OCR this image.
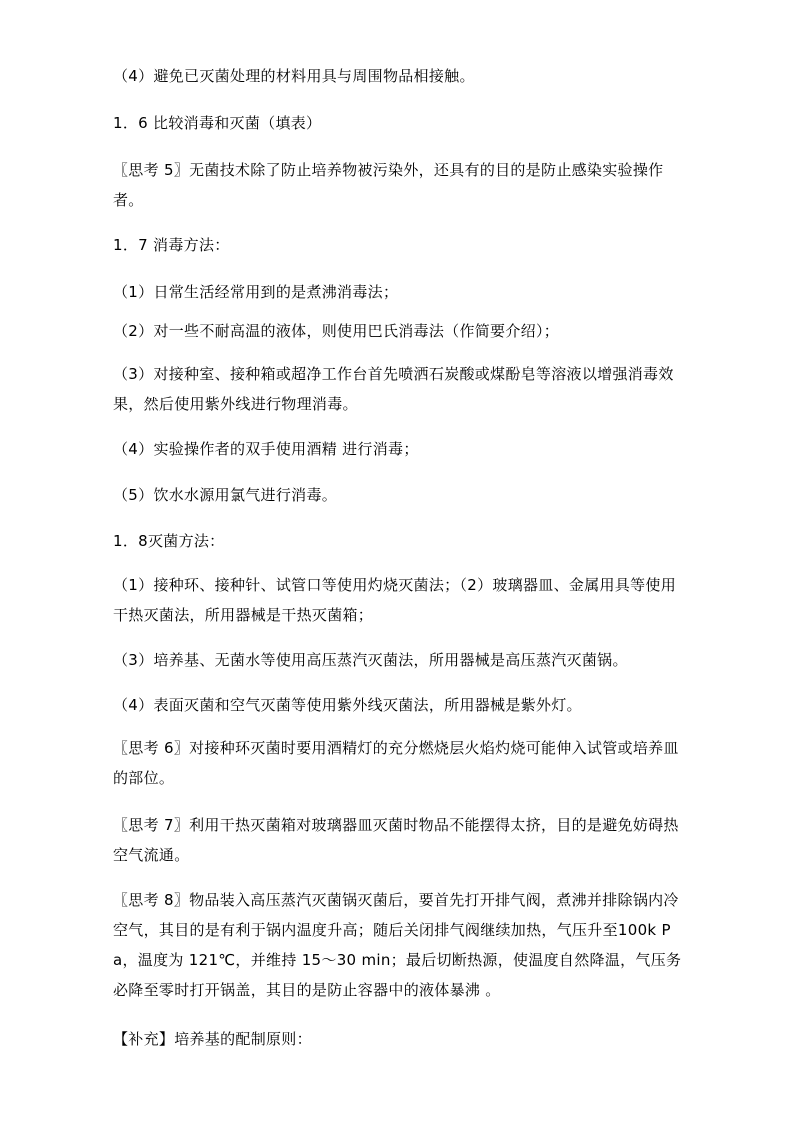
（4）避免已灭菌处理的材料用具与周围物品相接触。
1．6 比较消毒和灭菌（填表）
〖思考 5〗无菌技术除了防止培养物被污染外，还具有的目的是防止感染实验操作者。
1．7 消毒方法：
（1）日常生活经常用到的是煮沸消毒法；
（2）对一些不耐高温的液体，则使用巴氏消毒法（作简要介绍）；
（3）对接种室、接种箱或超净工作台首先喷洒石炭酸或煤酚皂等溶液以增强消毒效果，然后使用紫外线进行物理消毒。
（4）实验操作者的双手使用酒精 进行消毒；
（5）饮水水源用氯气进行消毒。
1．8灭菌方法：
（1）接种环、接种针、试管口等使用灼烧灭菌法；（2）玻璃器皿、金属用具等使用干热灭菌法，所用器械是干热灭菌箱；
（3）培养基、无菌水等使用高压蒸汽灭菌法，所用器械是高压蒸汽灭菌锅。
（4）表面灭菌和空气灭菌等使用紫外线灭菌法，所用器械是紫外灯。
〖思考 6〗对接种环灭菌时要用酒精灯的充分燃烧层火焰灼烧可能伸入试管或培养皿的部位。
〖思考 7〗利用干热灭菌箱对玻璃器皿灭菌时物品不能摆得太挤，目的是避免妨碍热空气流通。
〖思考 8〗物品装入高压蒸汽灭菌锅灭菌后，要首先打开排气阀，煮沸并排除锅内冷空气，其目的是有利于锅内温度升高；随后关闭排气阀继续加热，气压升至100k Pa，温度为 121℃，并维持 15～30 min；最后切断热源，使温度自然降温，气压务必降至零时打开锅盖，其目的是防止容器中的液体暴沸 。
【补充】培养基的配制原则：
